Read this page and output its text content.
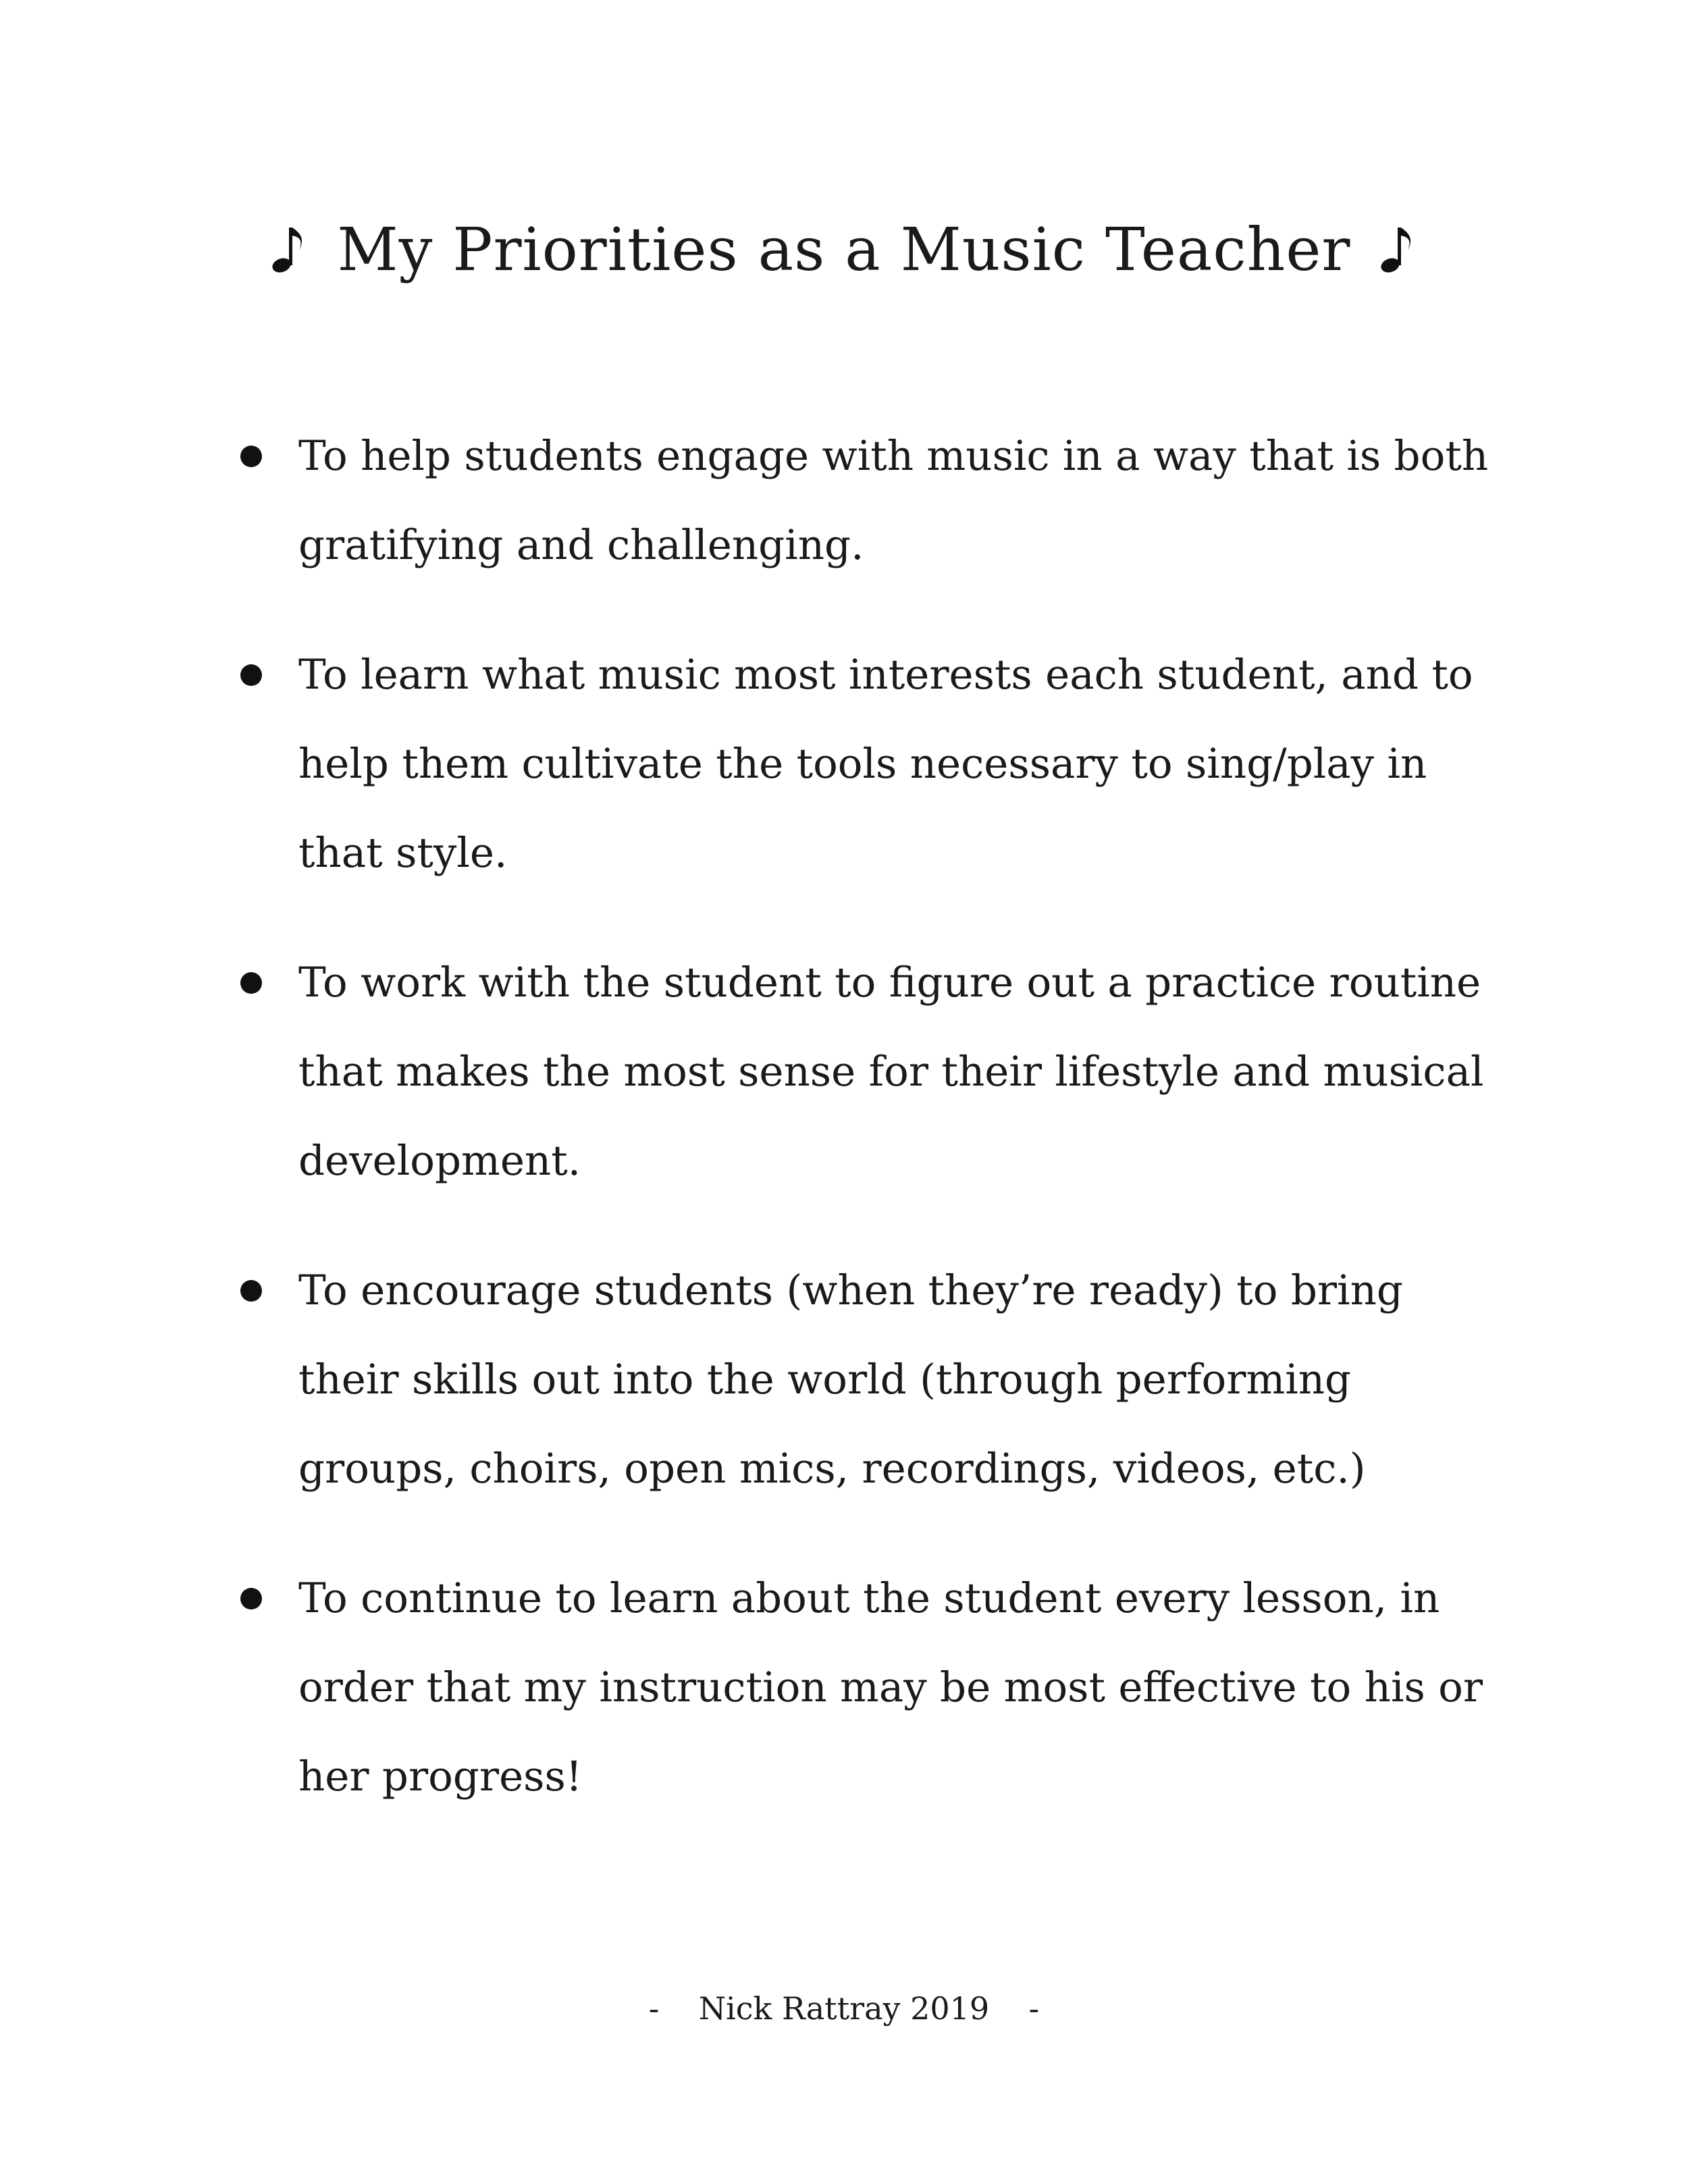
My Priorities as a Music Teacher
To help students engage with music in a way that is both gratifying and challenging.
To learn what music most interests each student, and to help them cultivate the tools necessary to sing/play in that style.
To work with the student to figure out a practice routine that makes the most sense for their lifestyle and musical development.
To encourage students (when they’re ready) to bring their skills out into the world (through performing groups, choirs, open mics, recordings, videos, etc.)
To continue to learn about the student every lesson, in order that my instruction may be most effective to his or her progress!
-    Nick Rattray 2019    -
